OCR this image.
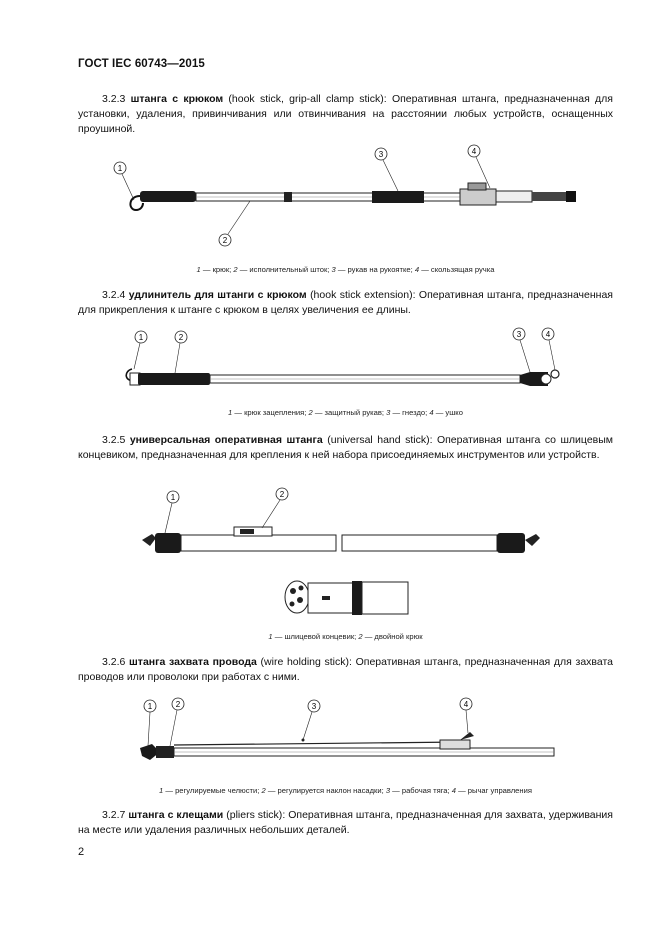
ГОСТ IEC 60743—2015
3.2.3 штанга с крюком (hook stick, grip-all clamp stick): Оперативная штанга, предназначенная для установки, удаления, привинчивания или отвинчивания на расстоянии любых устройств, оснащенных проушиной.
1
2
3	4
1	2	3	4
1	2
1	2	3	4
1 — крюк; 2 — исполнительный шток; 3 — рукав на рукоятке; 4 — скользящая ручка
3.2.4 удлинитель для штанги с крюком (hook stick extension): Оперативная штанга, предназначенная для прикрепления к штанге с крюком в целях увеличения ее длины.
1 — крюк зацепления; 2 — защитный рукав; 3 — гнездо; 4 — ушко
3.2.5 универсальная оперативная штанга (universal hand stick): Оперативная штанга со шлицевым концевиком, предназначенная для крепления к ней набора присоединяемых инструментов или устройств.
1 — шлицевой концевик; 2 — двойной крюк
3.2.6 штанга захвата провода (wire holding stick): Оперативная штанга, предназначенная для захвата проводов или проволоки при работах с ними.
1 — регулируемые челюсти; 2 — регулируется наклон насадки; 3 — рабочая тяга; 4 — рычаг управления
3.2.7 штанга с клещами (pliers stick): Оперативная штанга, предназначенная для захвата, удерживания на месте или удаления различных небольших деталей.
2
